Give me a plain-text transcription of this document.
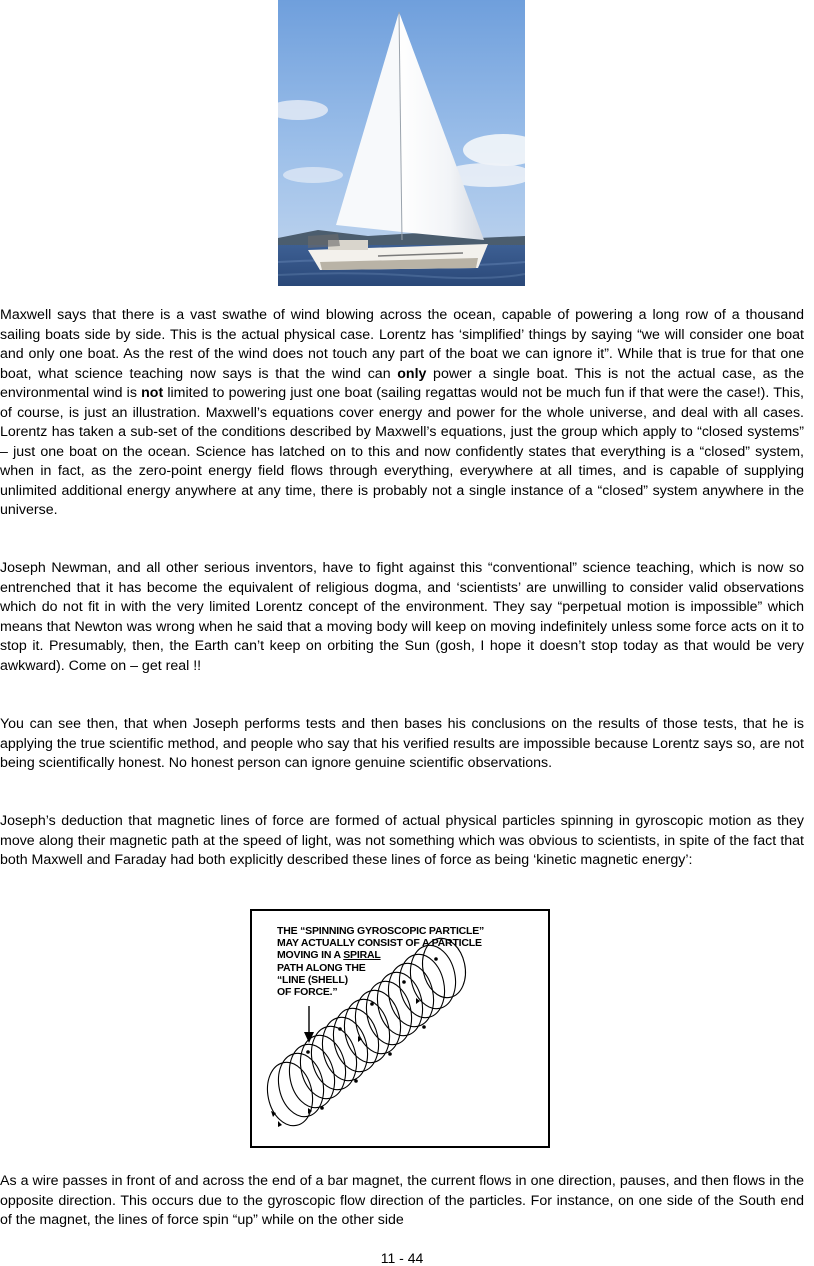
Maxwell says that there is a vast swathe of wind blowing across the ocean, capable of powering a long row of a thousand sailing boats side by side. This is the actual physical case. Lorentz has ‘simplified’ things by saying “we will consider one boat and only one boat. As the rest of the wind does not touch any part of the boat we can ignore it”. While that is true for that one boat, what science teaching now says is that the wind can only power a single boat. This is not the actual case, as the environmental wind is not limited to powering just one boat (sailing regattas would not be much fun if that were the case!). This, of course, is just an illustration. Maxwell’s equations cover energy and power for the whole universe, and deal with all cases. Lorentz has taken a sub-set of the conditions described by Maxwell’s equations, just the group which apply to “closed systems” – just one boat on the ocean. Science has latched on to this and now confidently states that everything is a “closed” system, when in fact, as the zero-point energy field flows through everything, everywhere at all times, and is capable of supplying unlimited additional energy anywhere at any time, there is probably not a single instance of a “closed” system anywhere in the universe.

Joseph Newman, and all other serious inventors, have to fight against this “conventional” science teaching, which is now so entrenched that it has become the equivalent of religious dogma, and ‘scientists’ are unwilling to consider valid observations which do not fit in with the very limited Lorentz concept of the environment. They say “perpetual motion is impossible” which means that Newton was wrong when he said that a moving body will keep on moving indefinitely unless some force acts on it to stop it. Presumably, then, the Earth can’t keep on orbiting the Sun (gosh, I hope it doesn’t stop today as that would be very awkward). Come on – get real !!

You can see then, that when Joseph performs tests and then bases his conclusions on the results of those tests, that he is applying the true scientific method, and people who say that his verified results are impossible because Lorentz says so, are not being scientifically honest. No honest person can ignore genuine scientific observations.

Joseph’s deduction that magnetic lines of force are formed of actual physical particles spinning in gyroscopic motion as they move along their magnetic path at the speed of light, was not something which was obvious to scientists, in spite of the fact that both Maxwell and Faraday had both explicitly described these lines of force as being ‘kinetic magnetic energy’:

THE “SPINNING GYROSCOPIC PARTICLE”
MAY ACTUALLY CONSIST OF A PARTICLE
MOVING IN A SPIRAL
PATH ALONG THE
“LINE (SHELL)
OF FORCE.”

As a wire passes in front of and across the end of a bar magnet, the current flows in one direction, pauses, and then flows in the opposite direction. This occurs due to the gyroscopic flow direction of the particles. For instance, on one side of the South end of the magnet, the lines of force spin “up” while on the other side

11 - 44
